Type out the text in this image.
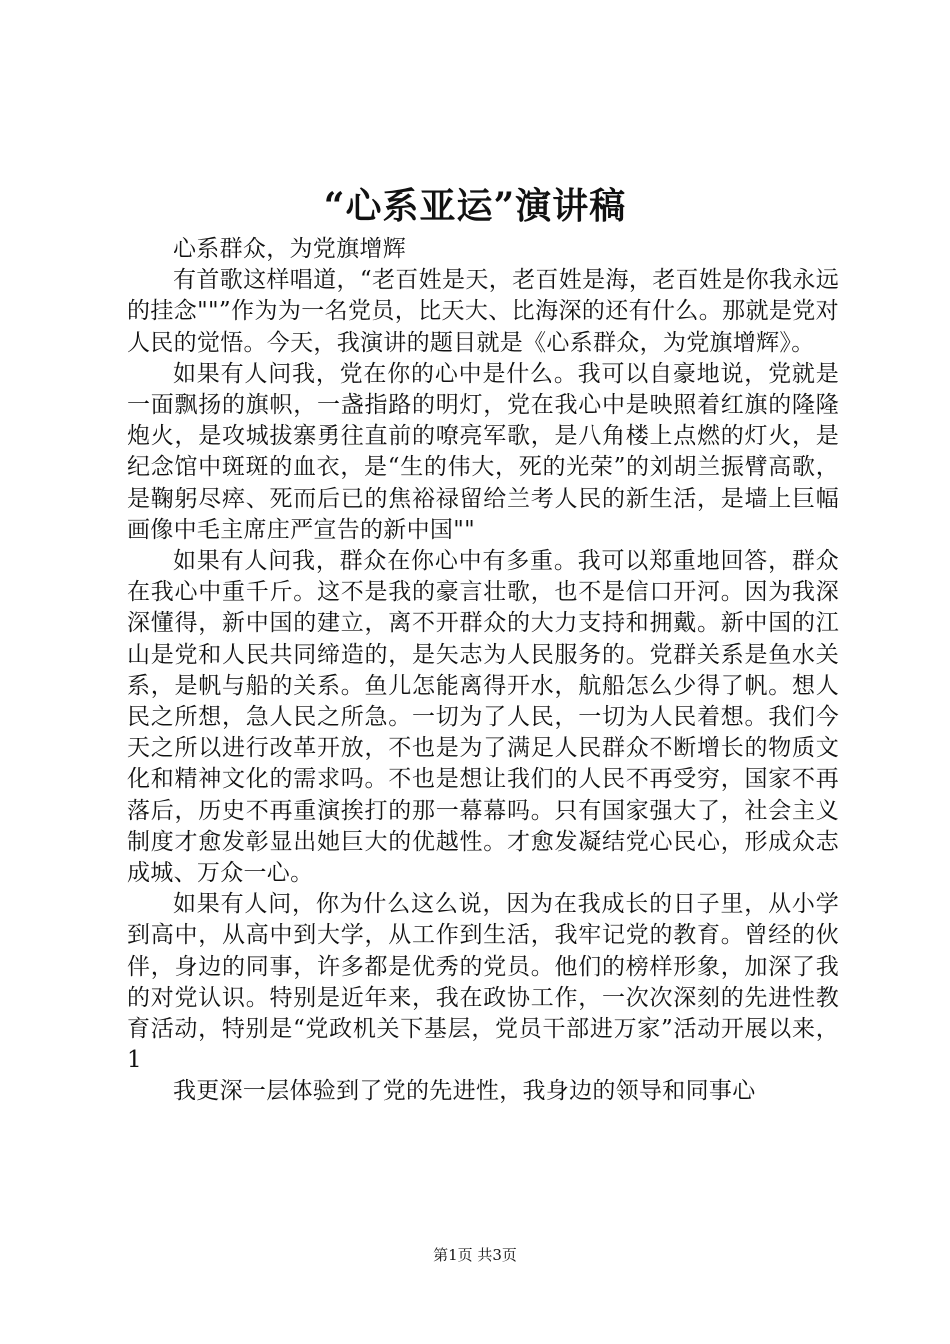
“心系亚运”演讲稿

心系群众，为党旗增辉

有首歌这样唱道，“老百姓是天，老百姓是海，老百姓是你我永远的挂念""”作为为一名党员，比天大、比海深的还有什么。那就是党对人民的觉悟。今天，我演讲的题目就是《心系群众，为党旗增辉》。

如果有人问我，党在你的心中是什么。我可以自豪地说，党就是一面飘扬的旗帜，一盏指路的明灯，党在我心中是映照着红旗的隆隆炮火，是攻城拔寨勇往直前的嘹亮军歌，是八角楼上点燃的灯火，是纪念馆中斑斑的血衣，是“生的伟大，死的光荣”的刘胡兰振臂高歌，是鞠躬尽瘁、死而后已的焦裕禄留给兰考人民的新生活，是墙上巨幅画像中毛主席庄严宣告的新中国""

如果有人问我，群众在你心中有多重。我可以郑重地回答，群众在我心中重千斤。这不是我的豪言壮歌，也不是信口开河。因为我深深懂得，新中国的建立，离不开群众的大力支持和拥戴。新中国的江山是党和人民共同缔造的，是矢志为人民服务的。党群关系是鱼水关系，是帆与船的关系。鱼儿怎能离得开水，航船怎么少得了帆。想人民之所想，急人民之所急。一切为了人民，一切为人民着想。我们今天之所以进行改革开放，不也是为了满足人民群众不断增长的物质文化和精神文化的需求吗。不也是想让我们的人民不再受穷，国家不再落后，历史不再重演挨打的那一幕幕吗。只有国家强大了，社会主义制度才愈发彰显出她巨大的优越性。才愈发凝结党心民心，形成众志成城、万众一心。

如果有人问，你为什么这么说，因为在我成长的日子里，从小学到高中，从高中到大学，从工作到生活，我牢记党的教育。曾经的伙伴，身边的同事，许多都是优秀的党员。他们的榜样形象，加深了我的对党认识。特别是近年来，我在政协工作，一次次深刻的先进性教育活动，特别是“党政机关下基层，党员干部进万家”活动开展以来，1

我更深一层体验到了党的先进性，我身边的领导和同事心

第1页 共3页
